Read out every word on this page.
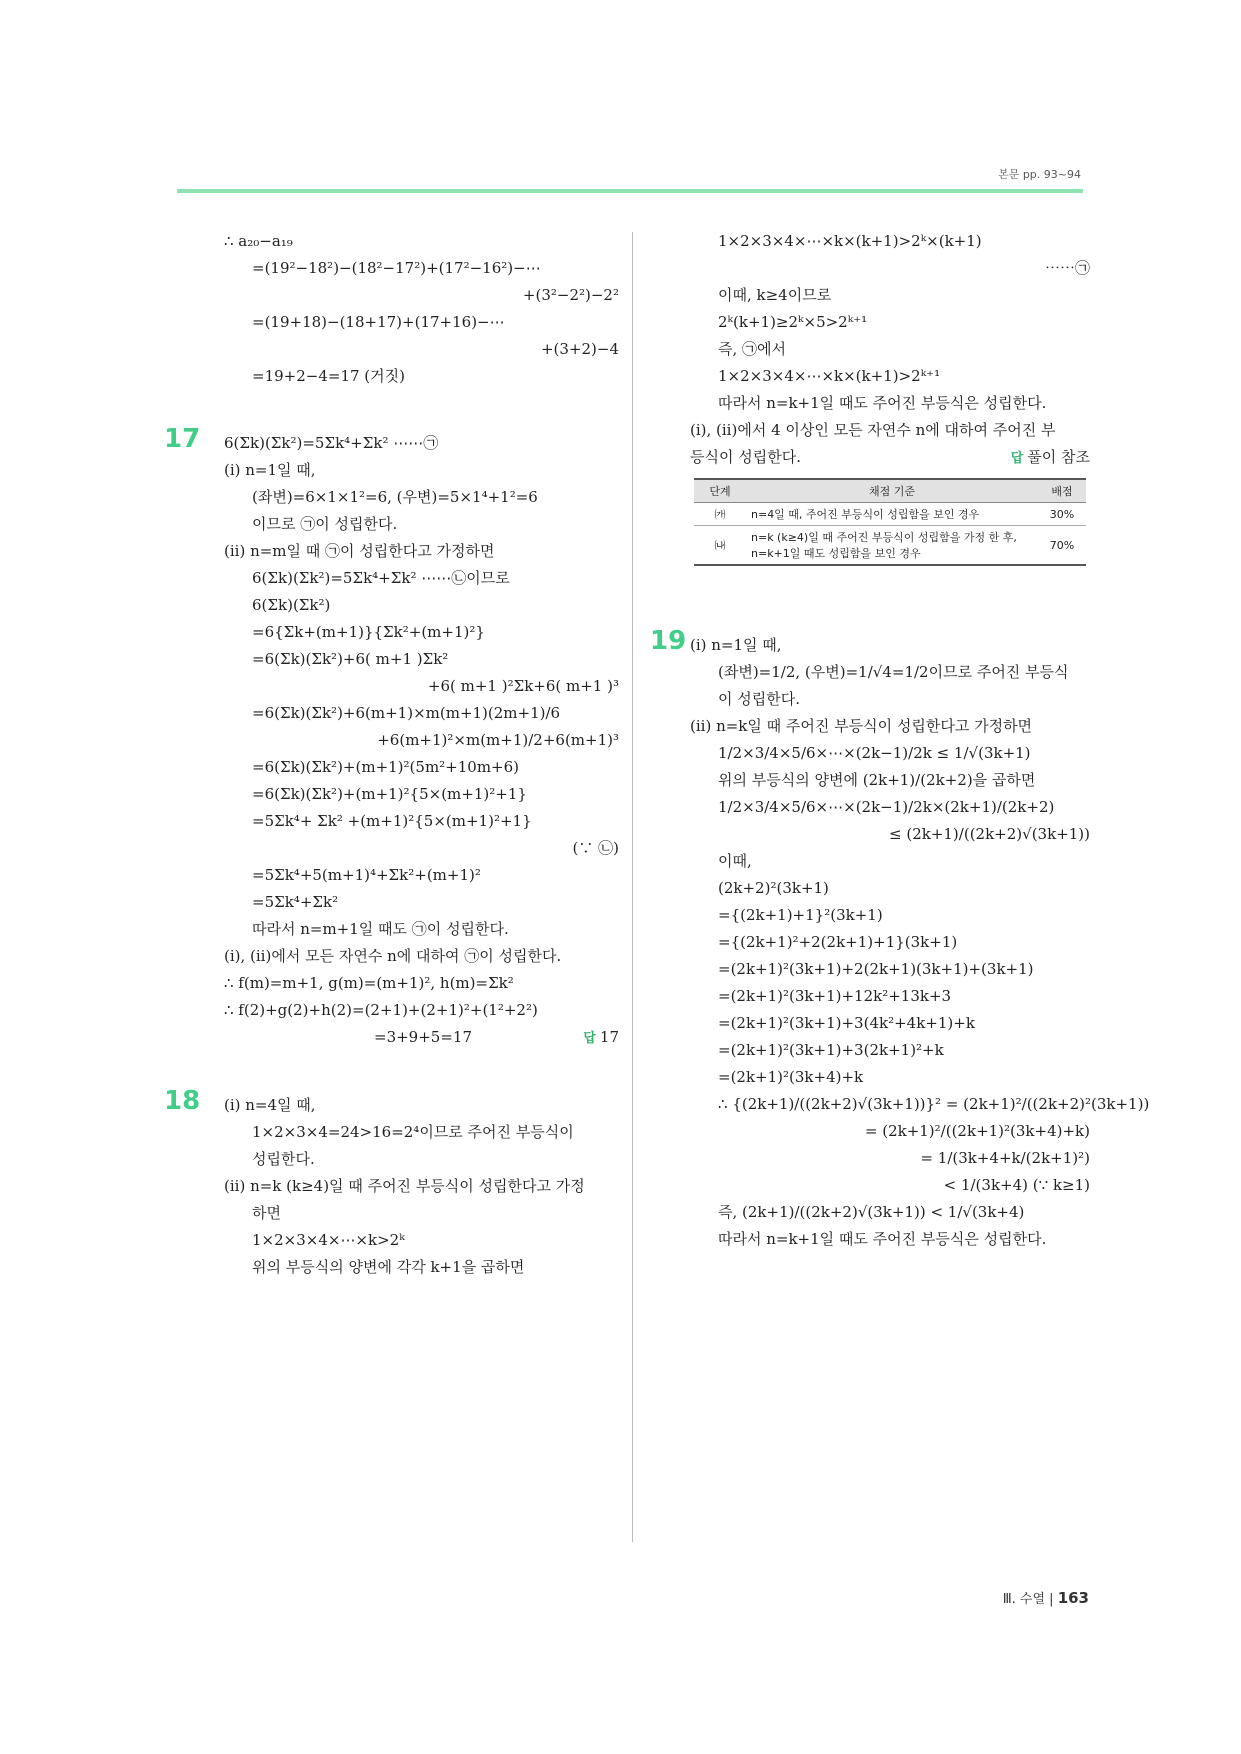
본문 pp. 93~94
∴ a₂₀−a₁₉
=(19²−18²)−(18²−17²)+(17²−16²)−⋯
+(3²−2²)−2²
=(19+18)−(18+17)+(17+16)−⋯
+(3+2)−4
=19+2−4=17 (거짓)
17 6(Σk)(Σk²)=5Σk⁴+Σk² ⋯⋯㉠
(i) n=1일 때,
(좌변)=6×1×1²=6, (우변)=5×1⁴+1²=6
이므로 ㉠이 성립한다.
(ii) n=m일 때 ㉠이 성립한다고 가정하면
6(Σk)(Σk²)=5Σk⁴+Σk² ⋯⋯㉡이므로
6(Σk)(Σk²)
=6{Σk+(m+1)}{Σk²+(m+1)²}
=6(Σk)(Σk²)+6( m+1 )Σk²
+6( m+1 )²Σk+6( m+1 )³
=6(Σk)(Σk²)+6(m+1)×m(m+1)(2m+1)/6
+6(m+1)²×m(m+1)/2+6(m+1)³
=6(Σk)(Σk²)+(m+1)²(5m²+10m+6)
=6(Σk)(Σk²)+(m+1)²{5×(m+1)²+1}
=5Σk⁴+ Σk² +(m+1)²{5×(m+1)²+1}
(∵ ㉡)
=5Σk⁴+5(m+1)⁴+Σk²+(m+1)²
=5Σk⁴+Σk²
따라서 n=m+1일 때도 ㉠이 성립한다.
(i), (ii)에서 모든 자연수 n에 대하여 ㉠이 성립한다.
∴ f(m)=m+1, g(m)=(m+1)², h(m)=Σk²
∴ f(2)+g(2)+h(2)=(2+1)+(2+1)²+(1²+2²)
=3+9+5=17	답 17
18 (i) n=4일 때,
1×2×3×4=24>16=2⁴이므로 주어진 부등식이
성립한다.
(ii) n=k (k≥4)일 때 주어진 부등식이 성립한다고 가정
하면
1×2×3×4×⋯×k>2ᵏ
위의 부등식의 양변에 각각 k+1을 곱하면
1×2×3×4×⋯×k×(k+1)>2ᵏ×(k+1)
⋯⋯㉠
이때, k≥4이므로
2ᵏ(k+1)≥2ᵏ×5>2ᵏ⁺¹
즉, ㉠에서
1×2×3×4×⋯×k×(k+1)>2ᵏ⁺¹
따라서 n=k+1일 때도 주어진 부등식은 성립한다.
(i), (ii)에서 4 이상인 모든 자연수 n에 대하여 주어진 부
등식이 성립한다.	답 풀이 참조
단계	채점 기준	배점
㈎	n=4일 때, 주어진 부등식이 성립함을 보인 경우	30%
㈏	n=k (k≥4)일 때 주어진 부등식이 성립함을 가정 한 후, n=k+1일 때도 성립함을 보인 경우	70%
19 (i) n=1일 때,
(좌변)=1/2, (우변)=1/√4=1/2이므로 주어진 부등식
이 성립한다.
(ii) n=k일 때 주어진 부등식이 성립한다고 가정하면
1/2×3/4×5/6×⋯×(2k−1)/2k ≤ 1/√(3k+1)
위의 부등식의 양변에 (2k+1)/(2k+2)을 곱하면
1/2×3/4×5/6×⋯×(2k−1)/2k×(2k+1)/(2k+2)
≤ (2k+1)/((2k+2)√(3k+1))
이때,
(2k+2)²(3k+1)
={(2k+1)+1}²(3k+1)
={(2k+1)²+2(2k+1)+1}(3k+1)
=(2k+1)²(3k+1)+2(2k+1)(3k+1)+(3k+1)
=(2k+1)²(3k+1)+12k²+13k+3
=(2k+1)²(3k+1)+3(4k²+4k+1)+k
=(2k+1)²(3k+1)+3(2k+1)²+k
=(2k+1)²(3k+4)+k
∴ {(2k+1)/((2k+2)√(3k+1))}² = (2k+1)²/((2k+2)²(3k+1))
= (2k+1)²/((2k+1)²(3k+4)+k)
= 1/(3k+4+k/(2k+1)²)
< 1/(3k+4) (∵ k≥1)
즉, (2k+1)/((2k+2)√(3k+1)) < 1/√(3k+4)
따라서 n=k+1일 때도 주어진 부등식은 성립한다.
Ⅲ. 수열 | 163
